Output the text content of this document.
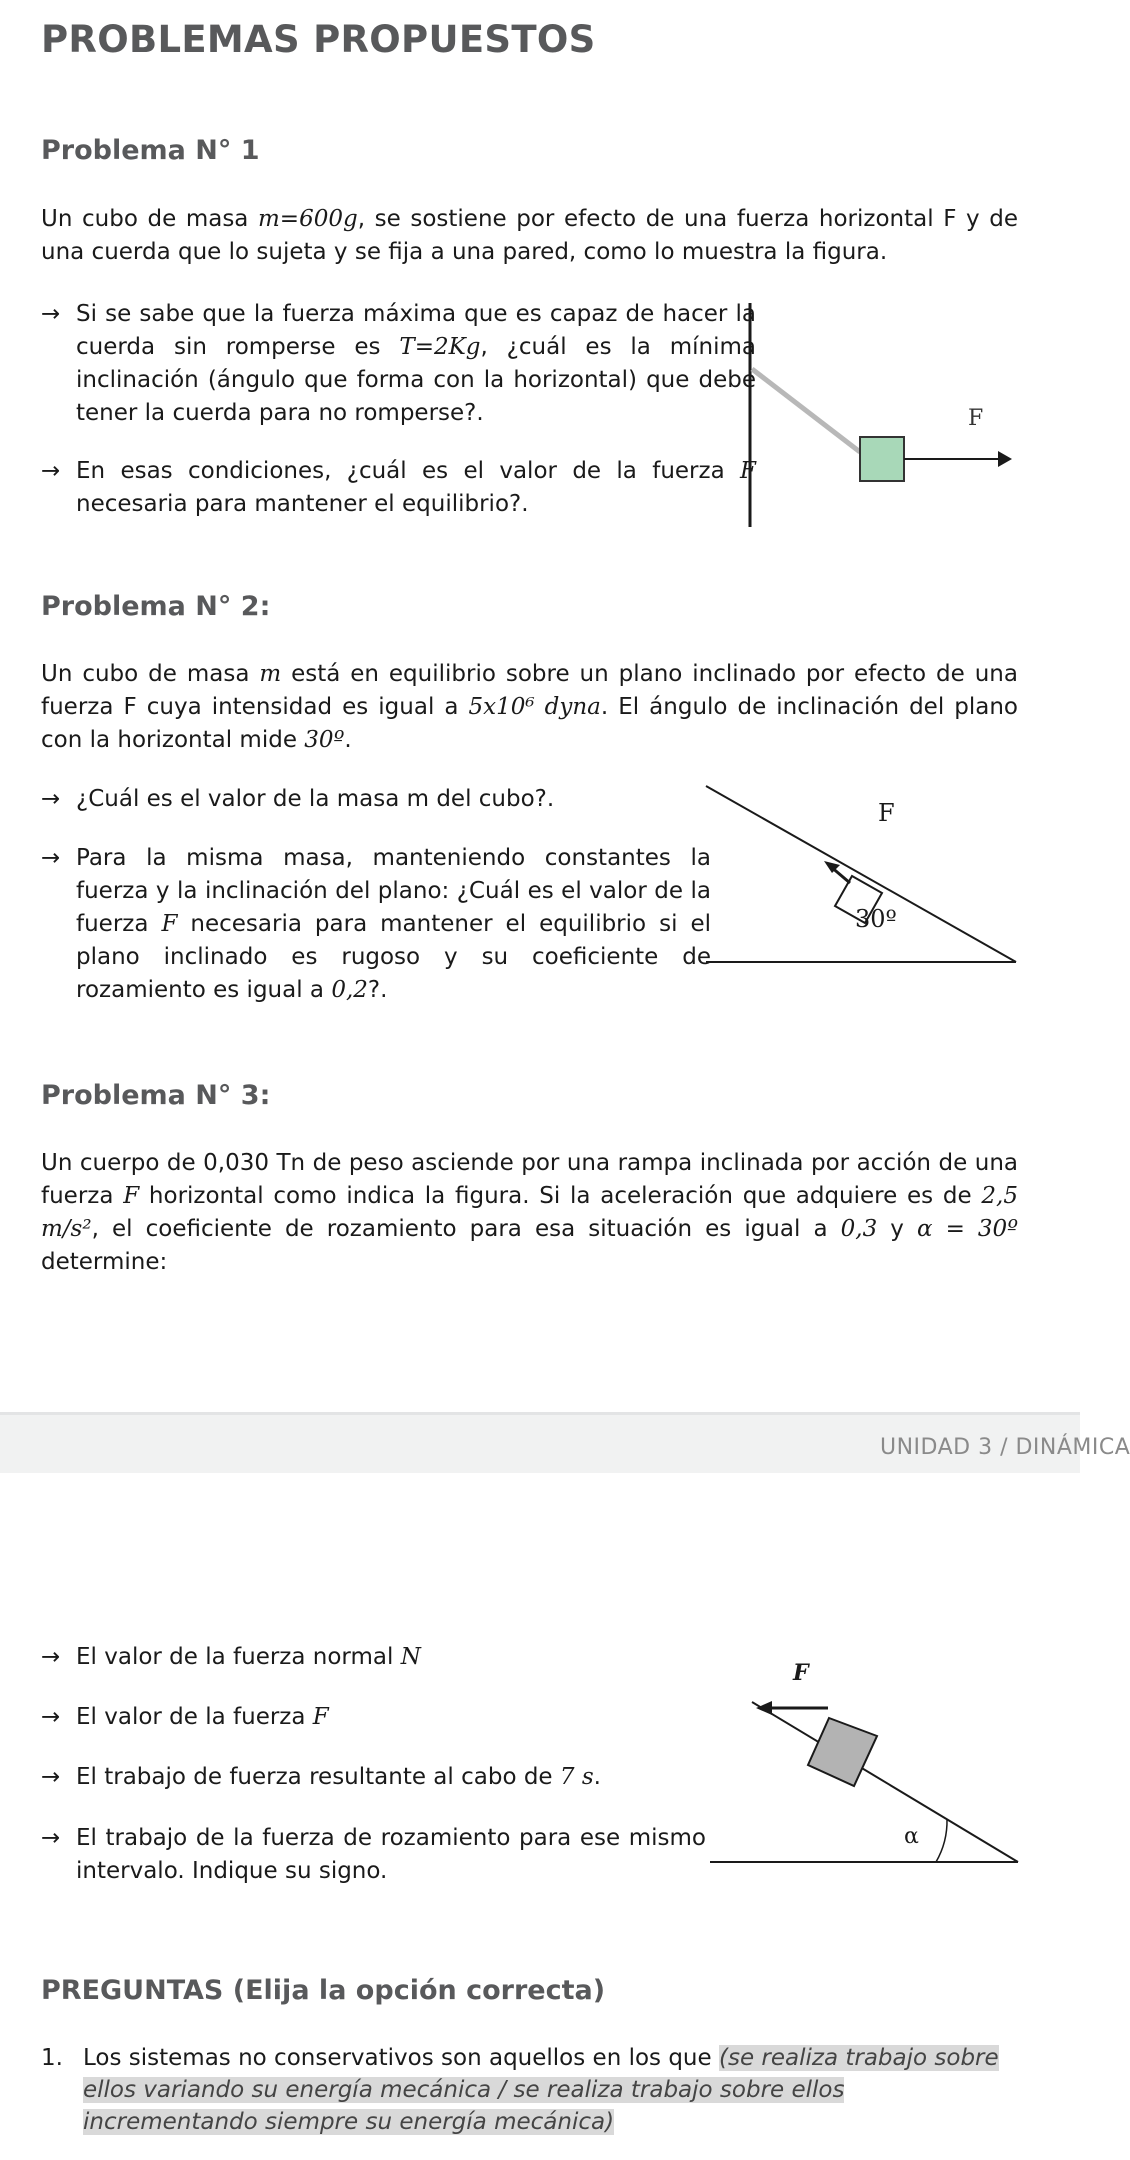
PROBLEMAS PROPUESTOS
Problema N° 1
Un cubo de masa m=600g, se sostiene por efecto de una fuerza horizontal F y de una cuerda que lo sujeta y se fija a una pared, como lo muestra la figura.
→ Si se sabe que la fuerza máxima que es capaz de hacer la cuerda sin romperse es T=2Kg, ¿cuál es la mínima inclinación (ángulo que forma con la horizontal) que debe tener la cuerda para no romperse?.
→ En esas condiciones, ¿cuál es el valor de la fuerza F necesaria para mantener el equilibrio?.
F
Problema N° 2:
Un cubo de masa m está en equilibrio sobre un plano inclinado por efecto de una fuerza F cuya intensidad es igual a 5x10⁶ dyna. El ángulo de inclinación del plano con la horizontal mide 30º.
→ ¿Cuál es el valor de la masa m del cubo?.
→ Para la misma masa, manteniendo constantes la fuerza y la inclinación del plano: ¿Cuál es el valor de la fuerza F necesaria para mantener el equilibrio si el plano inclinado es rugoso y su coeficiente de rozamiento es igual a 0,2?.
F
30º
Problema N° 3:
Un cuerpo de 0,030 Tn de peso asciende por una rampa inclinada por acción de una fuerza F horizontal como indica la figura. Si la aceleración que adquiere es de 2,5 m/s², el coeficiente de rozamiento para esa situación es igual a 0,3 y α = 30º determine:
UNIDAD 3 / DINÁMICA
→ El valor de la fuerza normal N
→ El valor de la fuerza F
→ El trabajo de fuerza resultante al cabo de 7 s.
→ El trabajo de la fuerza de rozamiento para ese mismo intervalo. Indique su signo.
F
α
PREGUNTAS (Elija la opción correcta)
1. Los sistemas no conservativos son aquellos en los que (se realiza trabajo sobre ellos variando su energía mecánica / se realiza trabajo sobre ellos incrementando siempre su energía mecánica)
